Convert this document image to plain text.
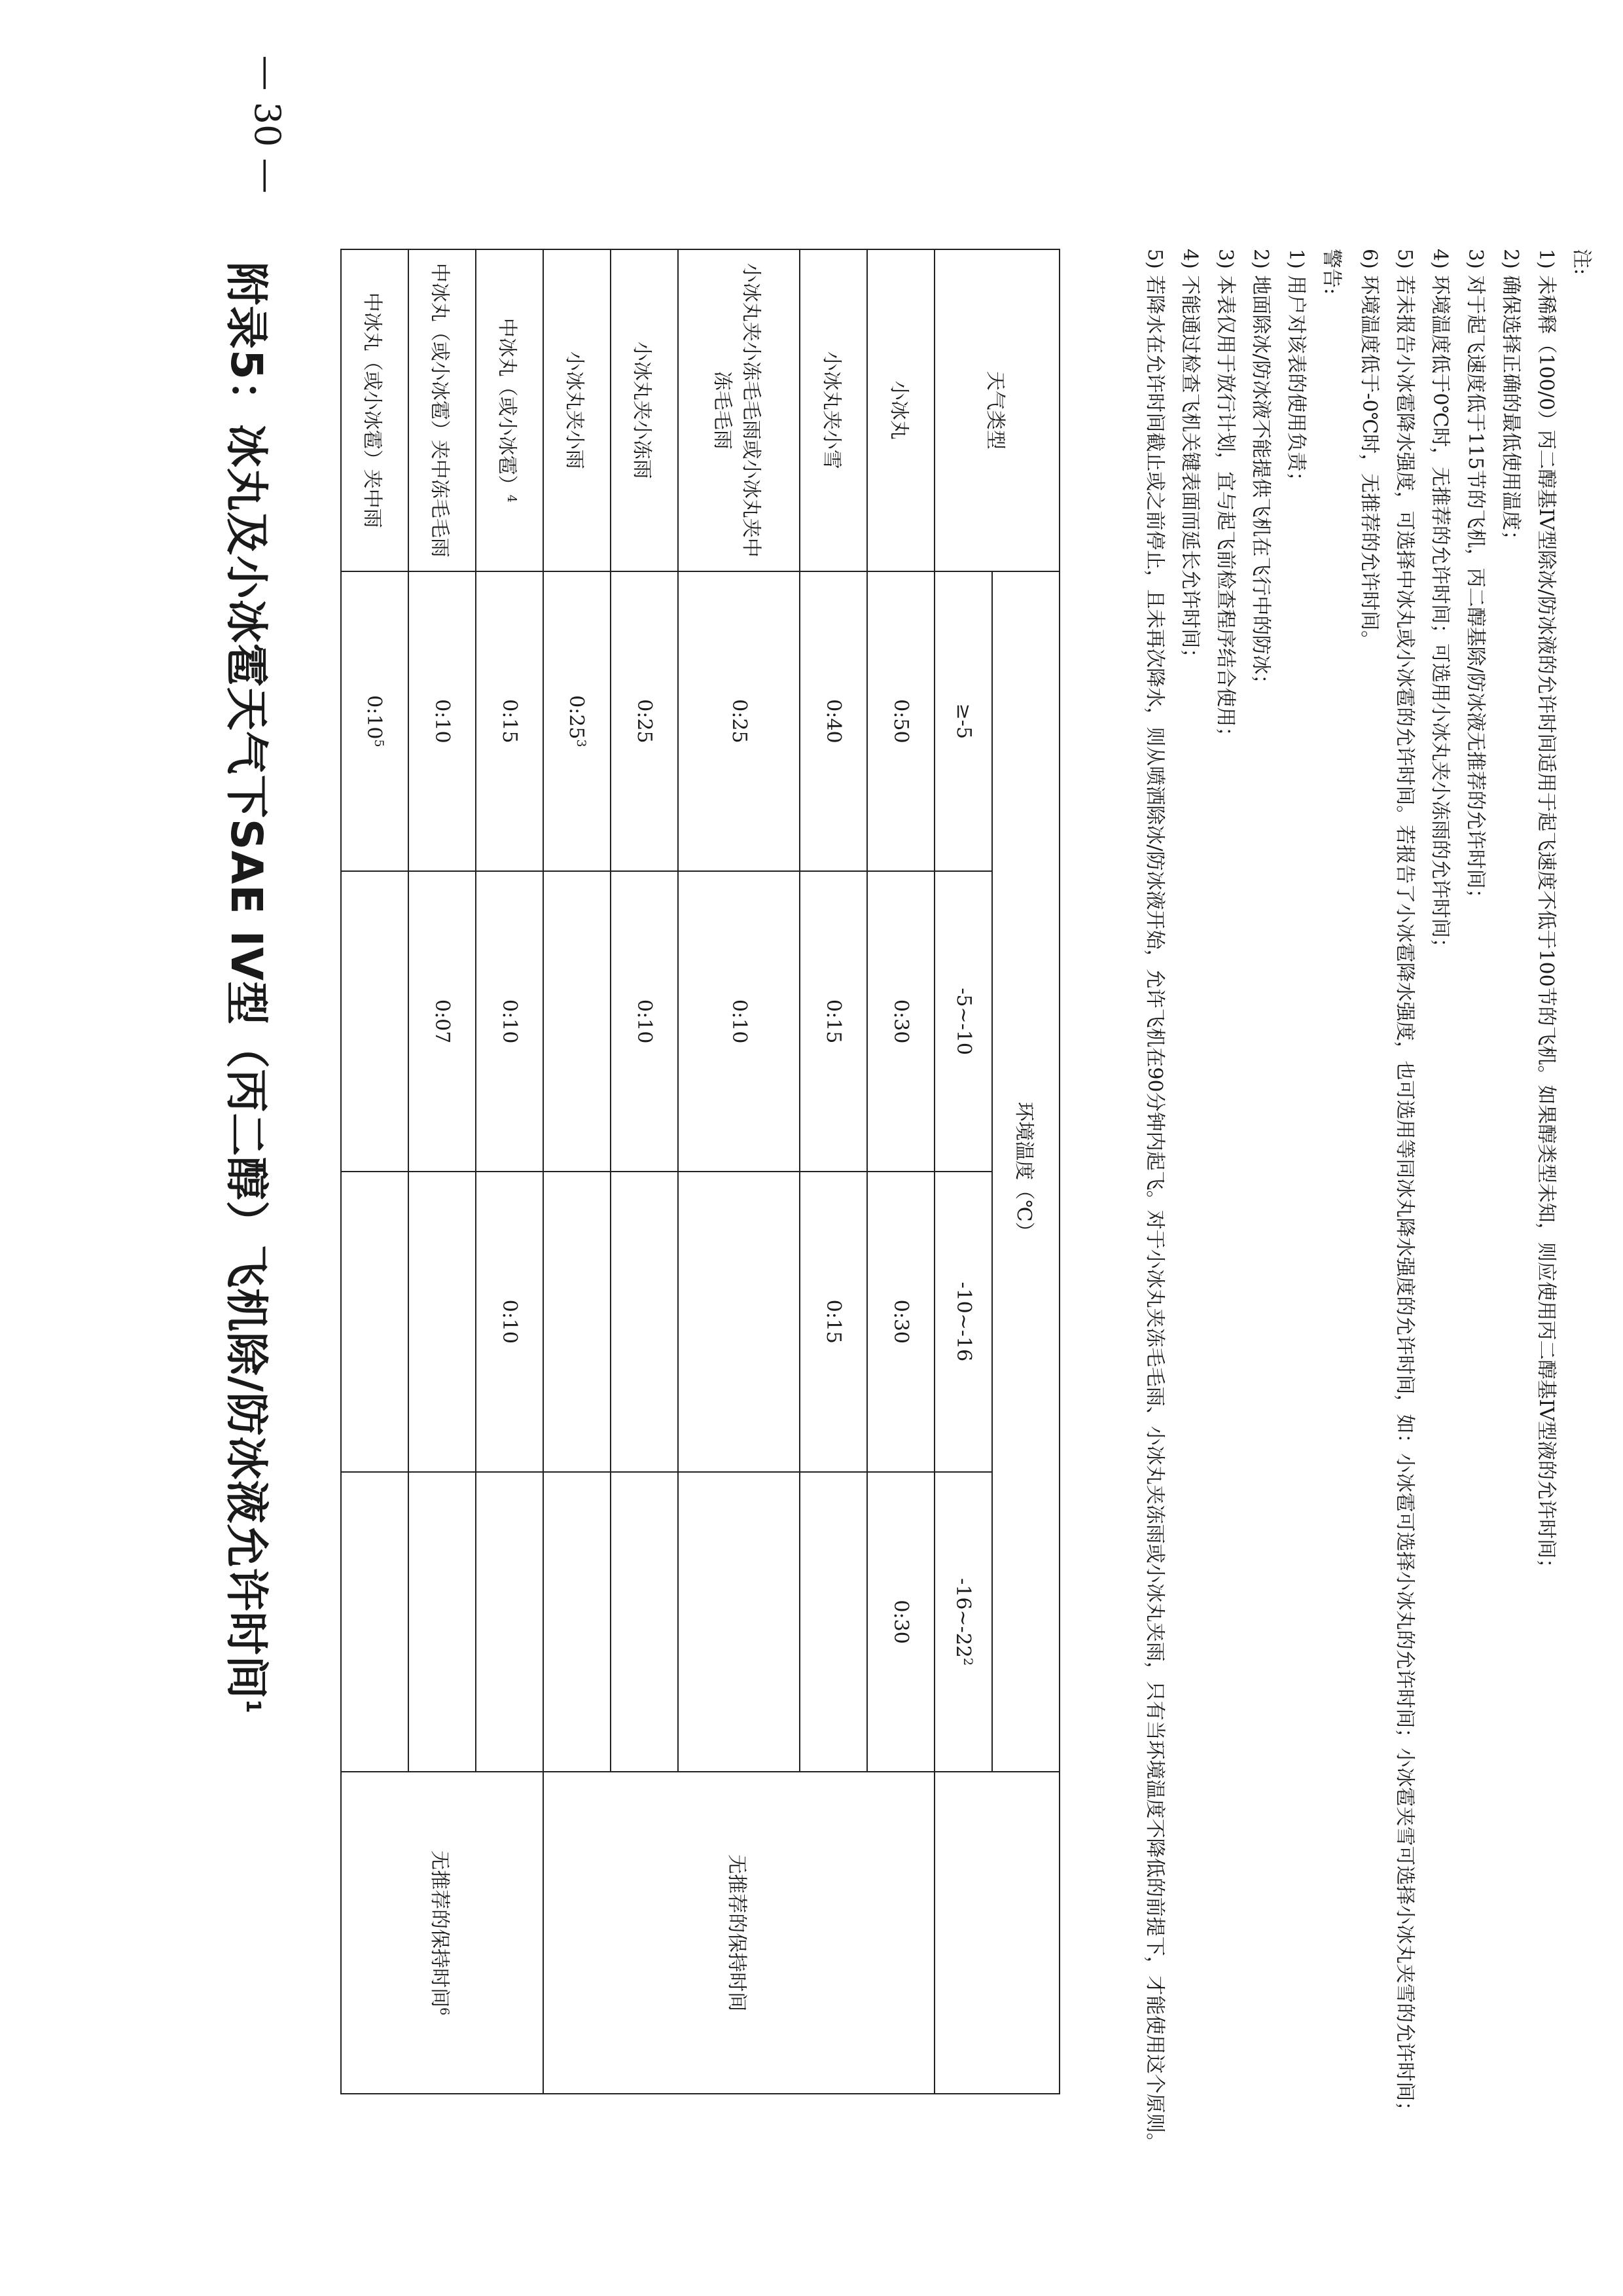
附录5：冰丸及小冰雹天气下SAE IV型（丙二醇）飞机除/防冰液允许时间$^1$
— 30 —
天气类型	环境温度（℃）				
	≥-5	-5~-10	-10~-16	$-16\sim-22^2$
小冰丸	0:50	0:30	0:30	0:30	无推荐的保持时间
小冰丸夹小雪	0:40	0:15	0:15		
小冰丸夹小冻毛毛雨或小冰丸夹中冻毛毛雨	0:25	0:10			
小冰丸夹小冻雨	0:25	0:10			
小冰丸夹小雨	$0:25^3$			
中冰丸（或小冰雹）$^4$	0:15	0:10	0:10		无推荐的保持时间$^6$
中冰丸（或小冰雹）夹中冻毛毛雨	0:10	0:07			
中冰丸（或小冰雹）夹中雨	$0:10^5$			

注:

1) 未稀释（100/0）丙二醇基IV型除冰/防冰液的允许时间适用于起飞速度不低于100节的飞机。如果醇类型未知，则应使用丙二醇基IV型液的允许时间；

2) 确保选择正确的最低使用温度；

3) 对于起飞速度低于115节的飞机，丙二醇基除/防冰液无推荐的允许时间；

4) 环境温度低于0℃时，无推荐的允许时间；可选用小冰丸夹小冻雨的允许时间；

5) 若未报告小冰雹降水强度，可选择中冰丸或小冰雹的允许时间。若报告了小冰雹降水强度，也可选用等同冰丸降水强度的允许时间，如：小冰雹可选择小冰丸的允许时间；小冰雹夹雪可选择小冰丸夹雪的允许时间；

6) 环境温度低于-0℃时，无推荐的允许时间。

警告:

1) 用户对该表的使用负责；

2) 地面除冰/防冰液不能提供飞机在飞行中的防冰；

3) 本表仅用于放行计划，宜与起飞前检查程序结合使用；

4) 不能通过检查飞机关键表面而延长允许时间；

5) 若降水在允许时间截止或之前停止，且未再次降水，则从喷洒除冰/防冰液开始，允许飞机在90分钟内起飞。对于小冰丸夹冻毛毛雨、小冰丸夹冻雨或小冰丸夹雨，只有当环境温度不降低的前提下，才能使用这个原则。
